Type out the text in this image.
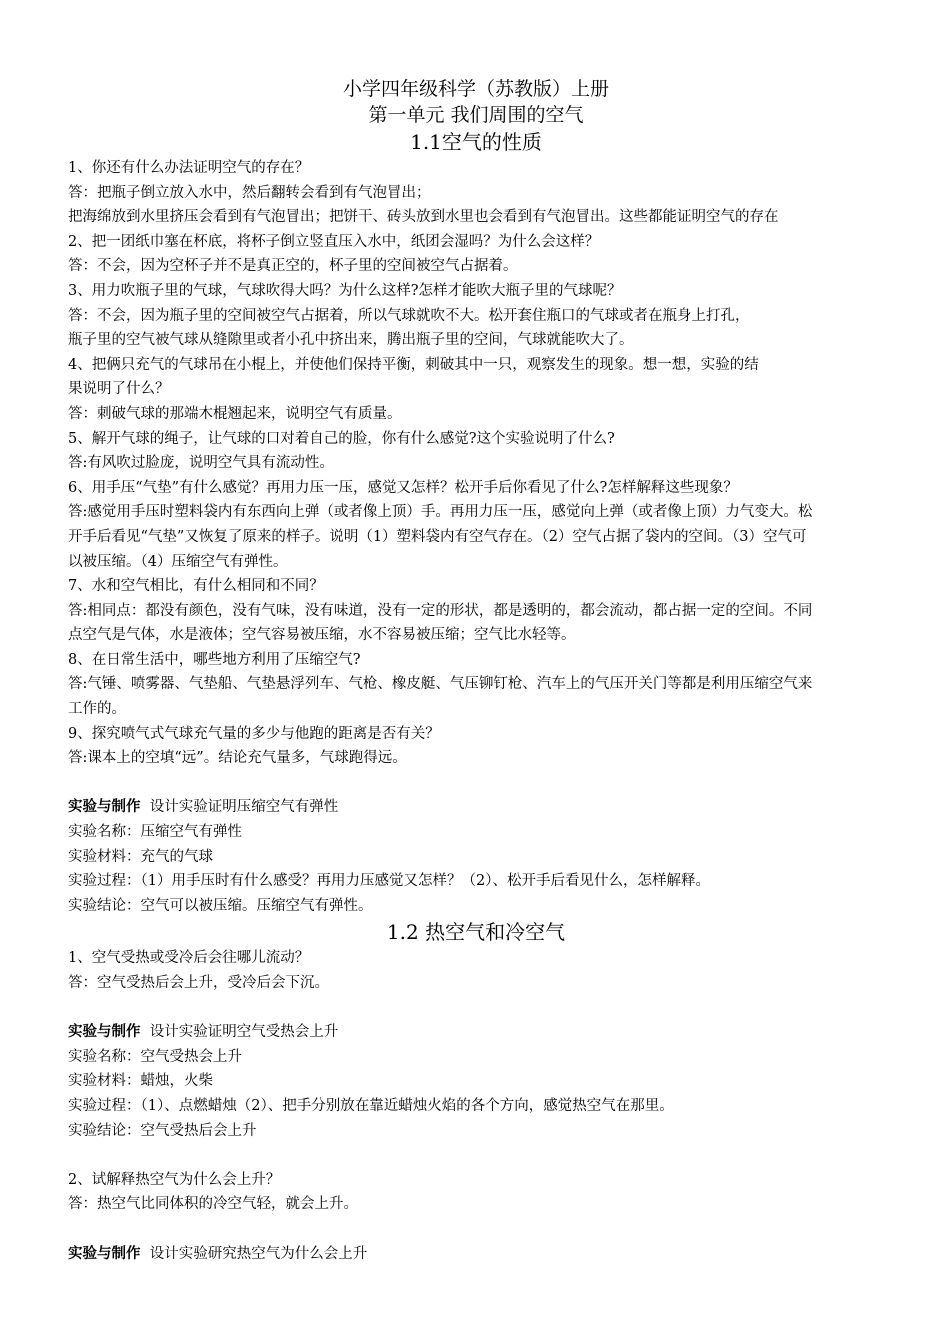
小学四年级科学（苏教版）上册
第一单元 我们周围的空气
1.1空气的性质
1、你还有什么办法证明空气的存在？
答：把瓶子倒立放入水中，然后翻转会看到有气泡冒出；
把海绵放到水里挤压会看到有气泡冒出；把饼干、砖头放到水里也会看到有气泡冒出。这些都能证明空气的存在
2、把一团纸巾塞在杯底，将杯子倒立竖直压入水中，纸团会湿吗？为什么会这样？
答：不会，因为空杯子并不是真正空的，杯子里的空间被空气占据着。
3、用力吹瓶子里的气球，气球吹得大吗？为什么这样?怎样才能吹大瓶子里的气球呢？
答：不会，因为瓶子里的空间被空气占据着，所以气球就吹不大。松开套住瓶口的气球或者在瓶身上打孔，
瓶子里的空气被气球从缝隙里或者小孔中挤出来，腾出瓶子里的空间，气球就能吹大了。
4、把俩只充气的气球吊在小棍上，并使他们保持平衡，刺破其中一只，观察发生的现象。想一想，实验的结
果说明了什么？
答：刺破气球的那端木棍翘起来，说明空气有质量。
5、解开气球的绳子，让气球的口对着自己的脸，你有什么感觉?这个实验说明了什么?
答:有风吹过脸庞，说明空气具有流动性。
6、用手压“气垫”有什么感觉？再用力压一压，感觉又怎样？松开手后你看见了什么?怎样解释这些现象？
答:感觉用手压时塑料袋内有东西向上弹（或者像上顶）手。再用力压一压，感觉向上弹（或者像上顶）力气变大。松
开手后看见“气垫”又恢复了原来的样子。说明（1）塑料袋内有空气存在。（2）空气占据了袋内的空间。（3）空气可
以被压缩。（4）压缩空气有弹性。
7、水和空气相比，有什么相同和不同？
答:相同点：都没有颜色，没有气味，没有味道，没有一定的形状，都是透明的，都会流动，都占据一定的空间。不同
点空气是气体，水是液体；空气容易被压缩，水不容易被压缩；空气比水轻等。
8、在日常生活中，哪些地方利用了压缩空气?
答:气锤、喷雾器、气垫船、气垫悬浮列车、气枪、橡皮艇、气压铆钉枪、汽车上的气压开关门等都是利用压缩空气来
工作的。
9、探究喷气式气球充气量的多少与他跑的距离是否有关？
答:课本上的空填“远”。结论充气量多，气球跑得远。
实验与制作 设计实验证明压缩空气有弹性
实验名称：压缩空气有弹性
实验材料：充气的气球
实验过程：（1）用手压时有什么感受？再用力压感觉又怎样？（2）、松开手后看见什么，怎样解释。
实验结论：空气可以被压缩。压缩空气有弹性。
1.2 热空气和冷空气
1、空气受热或受冷后会往哪儿流动？
答：空气受热后会上升，受冷后会下沉。
实验与制作 设计实验证明空气受热会上升
实验名称：空气受热会上升
实验材料：蜡烛，火柴
实验过程：（1）、点燃蜡烛（2）、把手分别放在靠近蜡烛火焰的各个方向，感觉热空气在那里。
实验结论：空气受热后会上升
2、试解释热空气为什么会上升？
答：热空气比同体积的冷空气轻，就会上升。
实验与制作 设计实验研究热空气为什么会上升
